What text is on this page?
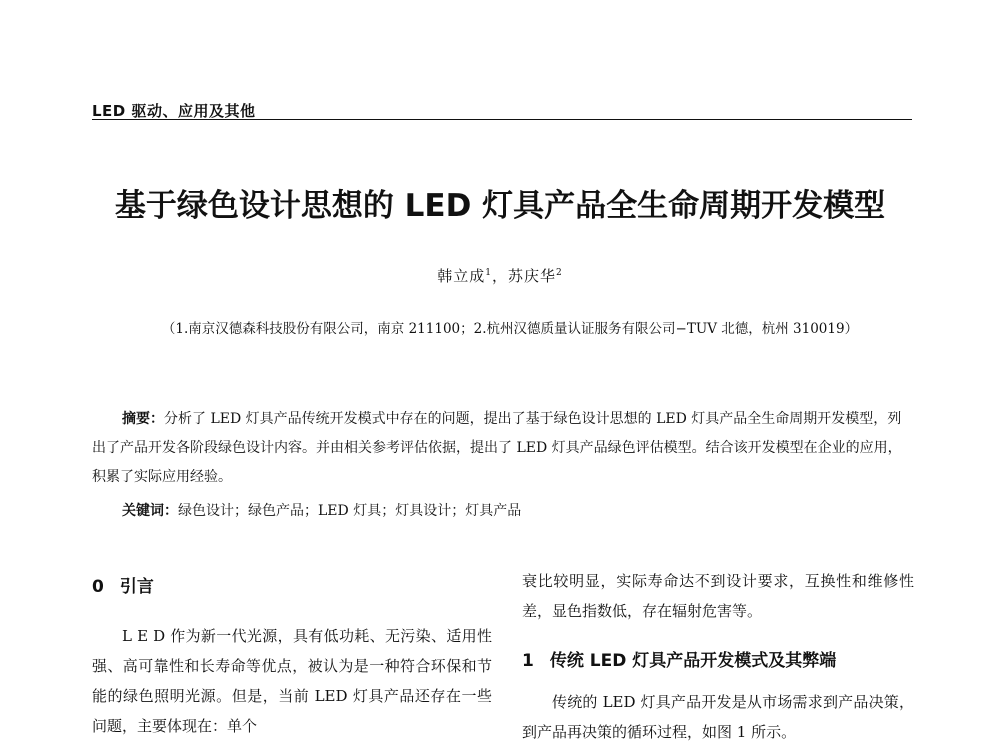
LED 驱动、应用及其他
基于绿色设计思想的 LED 灯具产品全生命周期开发模型
韩立成$^1$，苏庆华$^2$
（1.南京汉德森科技股份有限公司，南京 211100；2.杭州汉德质量认证服务有限公司−TUV 北德，杭州 310019）
摘要：分析了 LED 灯具产品传统开发模式中存在的问题，提出了基于绿色设计思想的 LED 灯具产品全生命周期开发模型，列出了产品开发各阶段绿色设计内容。并由相关参考评估依据，提出了 LED 灯具产品绿色评估模型。结合该开发模型在企业的应用，积累了实际应用经验。
关键词：绿色设计；绿色产品；LED 灯具；灯具设计；灯具产品
0 引言

L E D 作为新一代光源，具有低功耗、无污染、适用性强、高可靠性和长寿命等优点，被认为是一种符合环保和节能的绿色照明光源。但是，当前 LED 灯具产品还存在一些问题，主要体现在：单个

衰比较明显，实际寿命达不到设计要求，互换性和维修性差，显色指数低，存在辐射危害等。

1 传统 LED 灯具产品开发模式及其弊端

传统的 LED 灯具产品开发是从市场需求到产品决策，到产品再决策的循环过程，如图 1 所示。
